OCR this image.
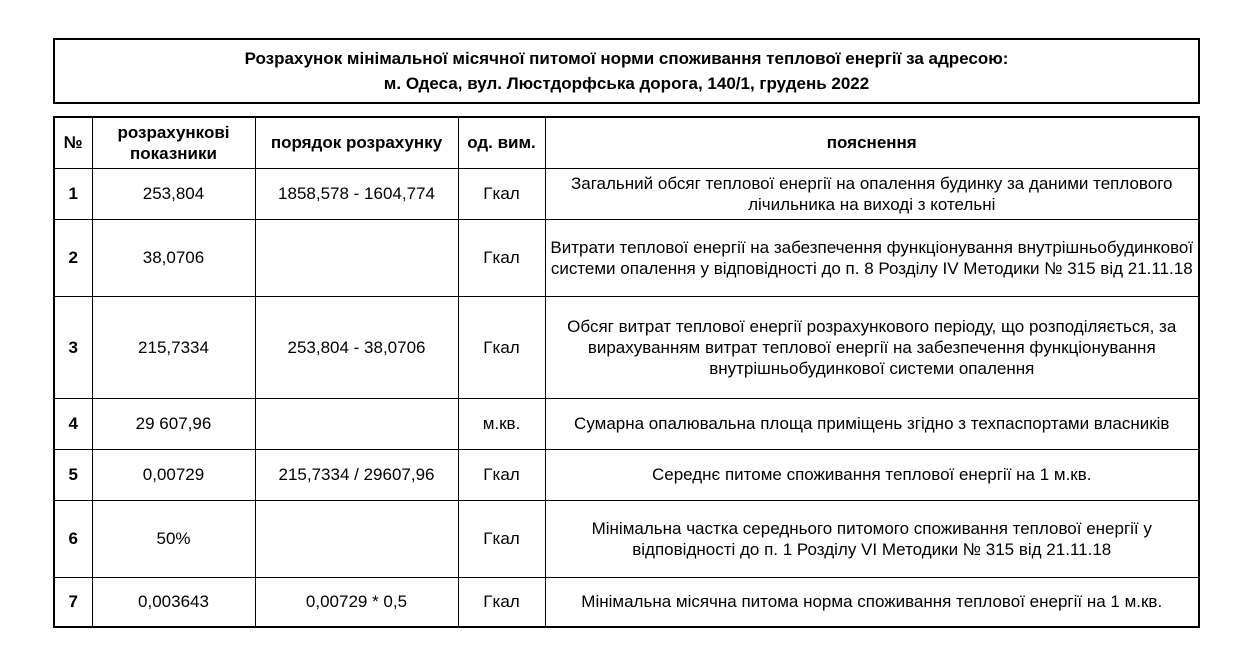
Розрахунок мінімальної місячної питомої норми споживання теплової енергії за адресою:
м. Одеса, вул. Люстдорфська дорога, 140/1, грудень 2022
№	розрахункові показники	порядок розрахунку	од. вим.	пояснення
1	253,804	1858,578 - 1604,774	Гкал	Загальний обсяг теплової енергії на опалення будинку за даними теплового лічильника на виході з котельні
2	38,0706		Гкал	Витрати теплової енергії на забезпечення функціонування внутрішньобудинкової системи опалення у відповідності до п. 8 Розділу IV Методики № 315 від 21.11.18
3	215,7334	253,804 - 38,0706	Гкал	Обсяг витрат теплової енергії розрахункового періоду, що розподіляється, за вирахуванням витрат теплової енергії на забезпечення функціонування внутрішньобудинкової системи опалення
4	29 607,96		м.кв.	Сумарна опалювальна площа приміщень згідно з техпаспортами власників
5	0,00729	215,7334 / 29607,96	Гкал	Середнє питоме споживання теплової енергії на 1 м.кв.
6	50%		Гкал	Мінімальна частка середнього питомого споживання теплової енергії у відповідності до п. 1 Розділу VI Методики № 315 від 21.11.18
7	0,003643	0,00729 * 0,5	Гкал	Мінімальна місячна питома норма споживання теплової енергії на 1 м.кв.
